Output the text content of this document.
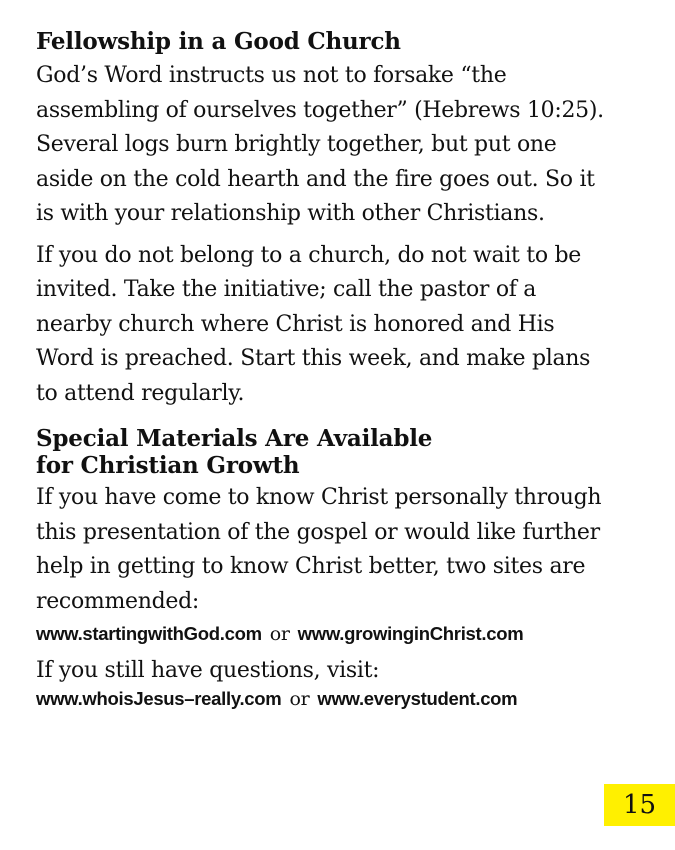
Fellowship in a Good Church

God’s Word instructs us not to forsake “the assembling of ourselves together” (Hebrews 10:25). Several logs burn brightly together, but put one aside on the cold hearth and the fire goes out. So it is with your relationship with other Christians.

If you do not belong to a church, do not wait to be invited. Take the initiative; call the pastor of a nearby church where Christ is honored and His Word is preached. Start this week, and make plans to attend regularly.

Special Materials Are Available
for Christian Growth

If you have come to know Christ personally through this presentation of the gospel or would like further help in getting to know Christ better, two sites are recommended:

www.startingwithGod.com or www.growinginChrist.com

If you still have questions, visit:

www.whoisJesus–really.com or www.everystudent.com
15
